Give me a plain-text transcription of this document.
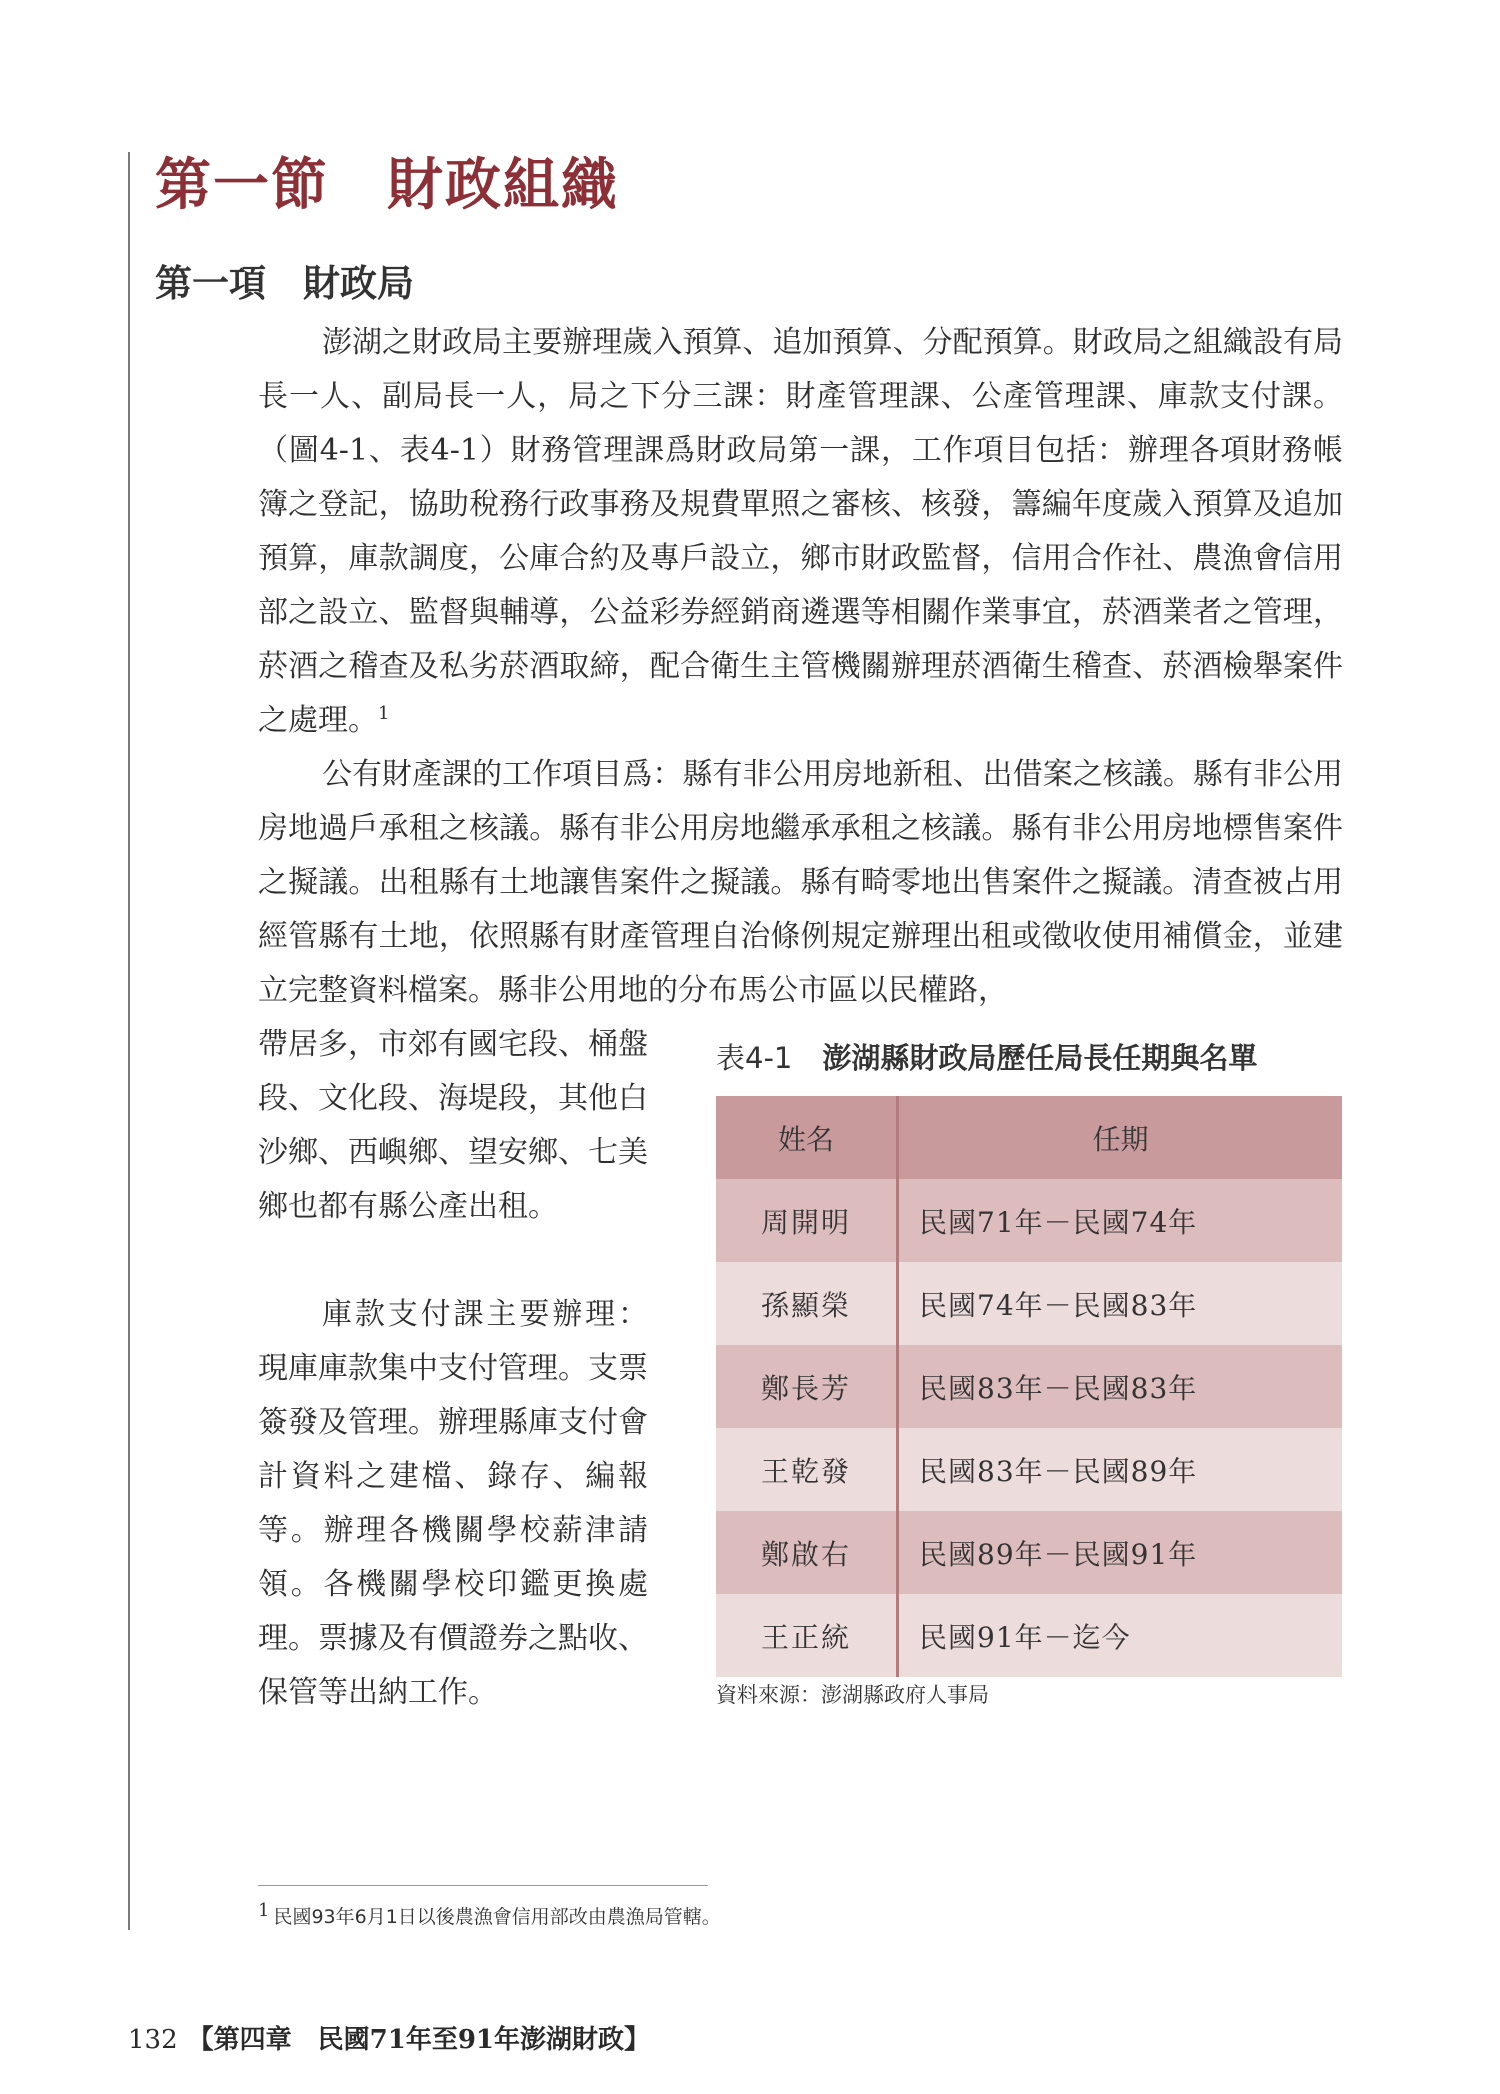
第一節　財政組織
第一項　財政局

澎湖之財政局主要辦理歲入預算、追加預算、分配預算。財政局之組織設有局長一人、副局長一人，局之下分三課：財產管理課、公產管理課、庫款支付課。（圖4-1、表4-1）財務管理課爲財政局第一課，工作項目包括：辦理各項財務帳簿之登記，協助稅務行政事務及規費單照之審核、核發，籌編年度歲入預算及追加預算，庫款調度，公庫合約及專戶設立，鄉市財政監督，信用合作社、農漁會信用部之設立、監督與輔導，公益彩券經銷商遴選等相關作業事宜，菸酒業者之管理，菸酒之稽查及私劣菸酒取締，配合衛生主管機關辦理菸酒衛生稽查、菸酒檢舉案件之處理。$^1$

公有財產課的工作項目爲：縣有非公用房地新租、出借案之核議。縣有非公用房地過戶承租之核議。縣有非公用房地繼承承租之核議。縣有非公用房地標售案件之擬議。出租縣有土地讓售案件之擬議。縣有畸零地出售案件之擬議。清查被占用經管縣有土地，依照縣有財產管理自治條例規定辦理出租或徵收使用補償金，並建立完整資料檔案。縣非公用地的分布馬公市區以民權路，

帶居多，市郊有國宅段、桶盤段、文化段、海堤段，其他白沙鄉、西嶼鄉、望安鄉、七美鄉也都有縣公產出租。

庫款支付課主要辦理：現庫庫款集中支付管理。支票簽發及管理。辦理縣庫支付會計資料之建檔、錄存、編報等。辦理各機關學校薪津請領。各機關學校印鑑更換處理。票據及有價證券之點收、保管等出納工作。

表4-1 澎湖縣財政局歷任局長任期與名單
姓名	任期
周開明	民國71年－民國74年
孫顯榮	民國74年－民國83年
鄭長芳	民國83年－民國83年
王乾發	民國83年－民國89年
鄭啟右	民國89年－民國91年
王正統	民國91年－迄今

資料來源：澎湖縣政府人事局

1 民國93年6月1日以後農漁會信用部改由農漁局管轄。

132 【第四章　民國71年至91年澎湖財政】
